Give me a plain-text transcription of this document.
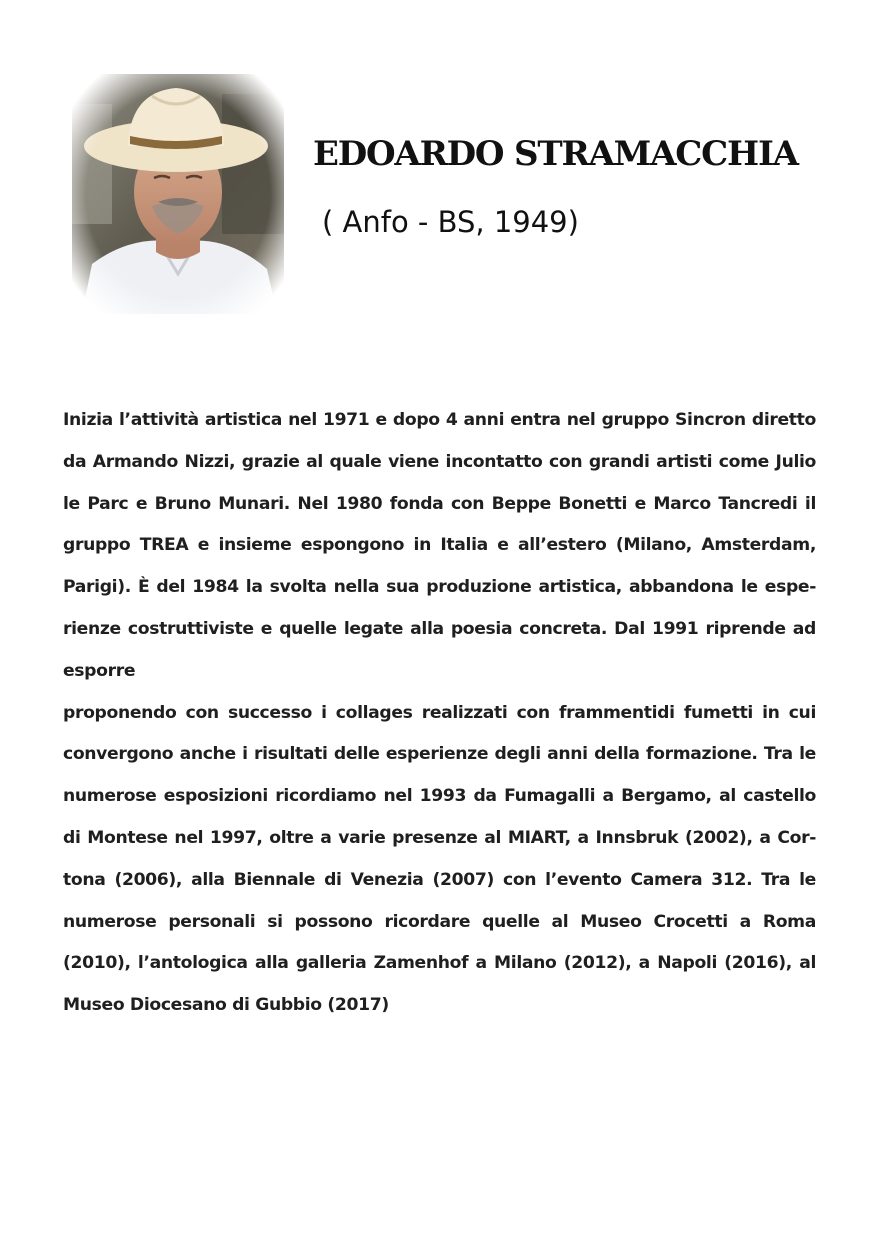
EDOARDO STRAMACCHIA

( Anfo - BS, 1949)

Inizia l’attività artistica nel 1971 e dopo 4 anni entra nel gruppo Sincron diretto da Armando Nizzi, grazie al quale viene incontatto con grandi artisti come Julio le Parc e Bruno Munari. Nel 1980 fonda con Beppe Bonetti e Marco Tancredi il gruppo TREA e insieme espongono in Italia e all’estero (Milano, Amsterdam, Parigi). È del 1984 la svolta nella sua produzione artistica, abbandona le espe-rienze costruttiviste e quelle legate alla poesia concreta. Dal 1991 riprende ad esporre

proponendo con successo i collages realizzati con frammentidi fumetti in cui convergono anche i risultati delle esperienze degli anni della formazione. Tra le numerose esposizioni ricordiamo nel 1993 da Fumagalli a Bergamo, al castello di Montese nel 1997, oltre a varie presenze al MIART, a Innsbruk (2002), a Cor-tona (2006), alla Biennale di Venezia (2007) con l’evento Camera 312. Tra le numerose personali si possono ricordare quelle al Museo Crocetti a Roma (2010), l’antologica alla galleria Zamenhof a Milano (2012), a Napoli (2016), al Museo Diocesano di Gubbio (2017)
